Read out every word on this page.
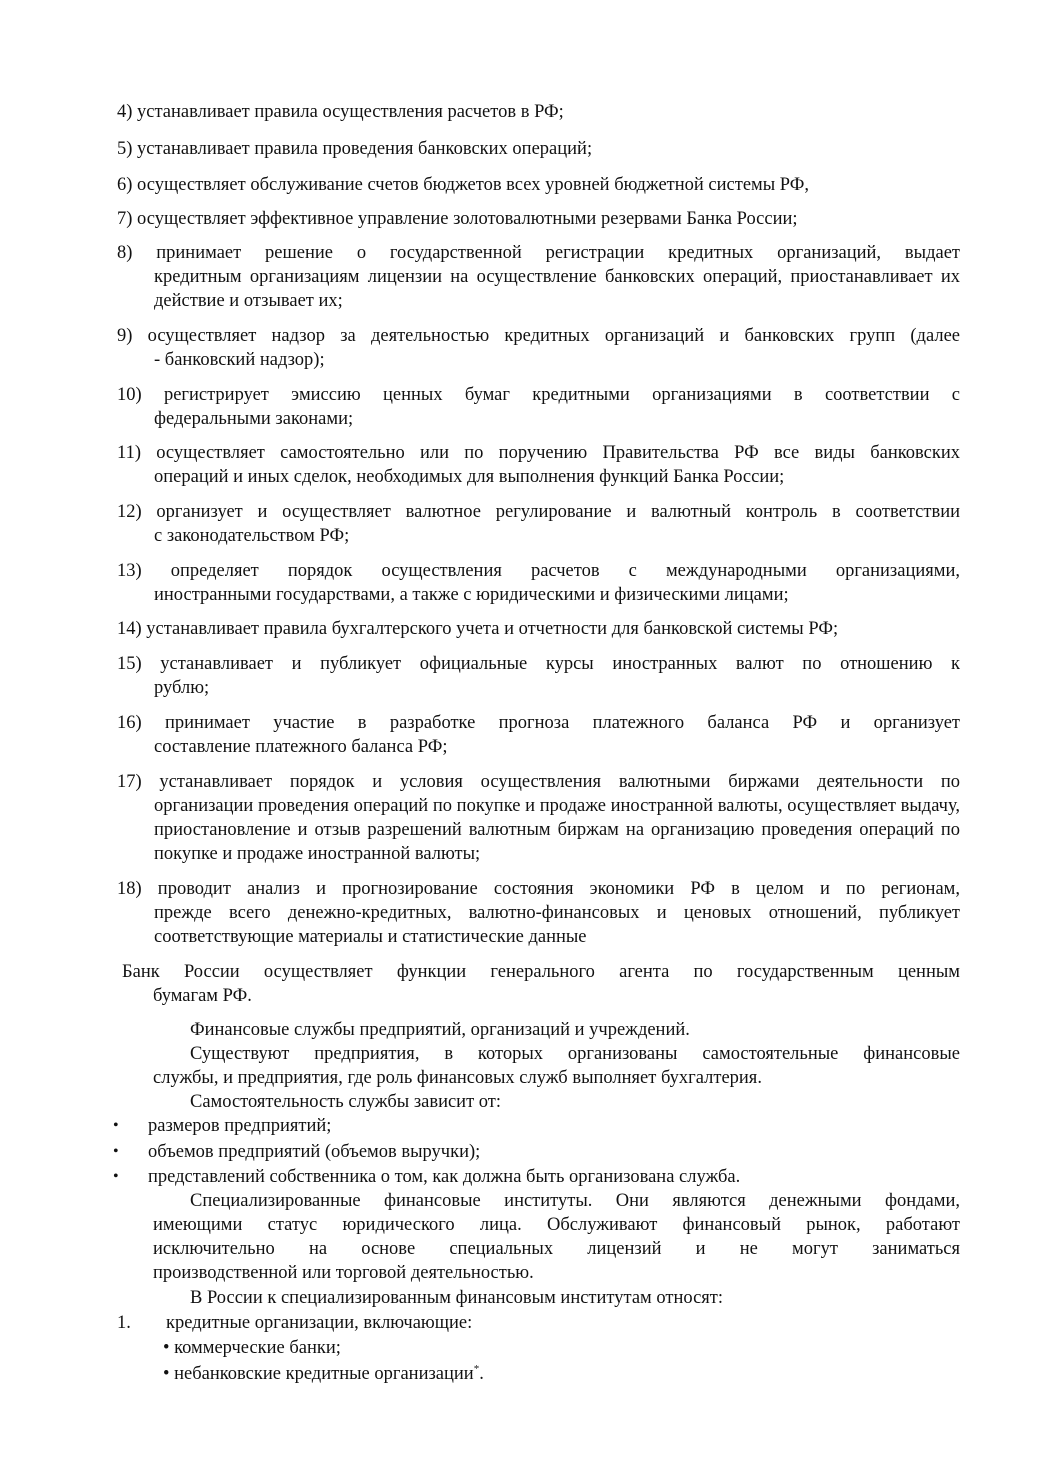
4) устанавливает правила осуществления расчетов в РФ;
5) устанавливает правила проведения банковских операций;
6) осуществляет обслуживание счетов бюджетов всех уровней бюджетной системы РФ,
7) осуществляет эффективное управление золотовалютными резервами Банка России;
8) принимает решение о государственной регистрации кредитных организаций, выдает
кредитным организациям лицензии на осуществление банковских операций, приостанавливает их действие и отзывает их;
9) осуществляет надзор за деятельностью кредитных организаций и банковских групп (далее
- банковский надзор);
10) регистрирует эмиссию ценных бумаг кредитными организациями в соответствии с
федеральными законами;
11) осуществляет самостоятельно или по поручению Правительства РФ все виды банковских
операций и иных сделок, необходимых для выполнения функций Банка России;
12) организует и осуществляет валютное регулирование и валютный контроль в соответствии
с законодательством РФ;
13) определяет порядок осуществления расчетов с международными организациями,
иностранными государствами, а также с юридическими и физическими лицами;
14) устанавливает правила бухгалтерского учета и отчетности для банковской системы РФ;
15) устанавливает и публикует официальные курсы иностранных валют по отношению к
рублю;
16) принимает участие в разработке прогноза платежного баланса РФ и организует
составление платежного баланса РФ;
17) устанавливает порядок и условия осуществления валютными биржами деятельности по
организации проведения операций по покупке и продаже иностранной валюты, осуществляет выдачу, приостановление и отзыв разрешений валютным биржам на организацию проведения операций по покупке и продаже иностранной валюты;
18) проводит анализ и прогнозирование состояния экономики РФ в целом и по регионам,
прежде всего денежно-кредитных, валютно-финансовых и ценовых отношений, публикует соответствующие материалы и статистические данные
Банк России осуществляет функции генерального агента по государственным ценным
бумагам РФ.
Финансовые службы предприятий, организаций и учреждений.
Существуют предприятия, в которых организованы самостоятельные финансовые
службы, и предприятия, где роль финансовых служб выполняет бухгалтерия.
Самостоятельность службы зависит от:
• размеров предприятий;
• объемов предприятий (объемов выручки);
• представлений собственника о том, как должна быть организована служба.
Специализированные финансовые институты. Они являются денежными фондами,
имеющими статус юридического лица. Обслуживают финансовый рынок, работают
исключительно на основе специальных лицензий и не могут заниматься
производственной или торговой деятельностью.
В России к специализированным финансовым институтам относят:
1. кредитные организации, включающие:
• коммерческие банки;
• небанковские кредитные организации*.
